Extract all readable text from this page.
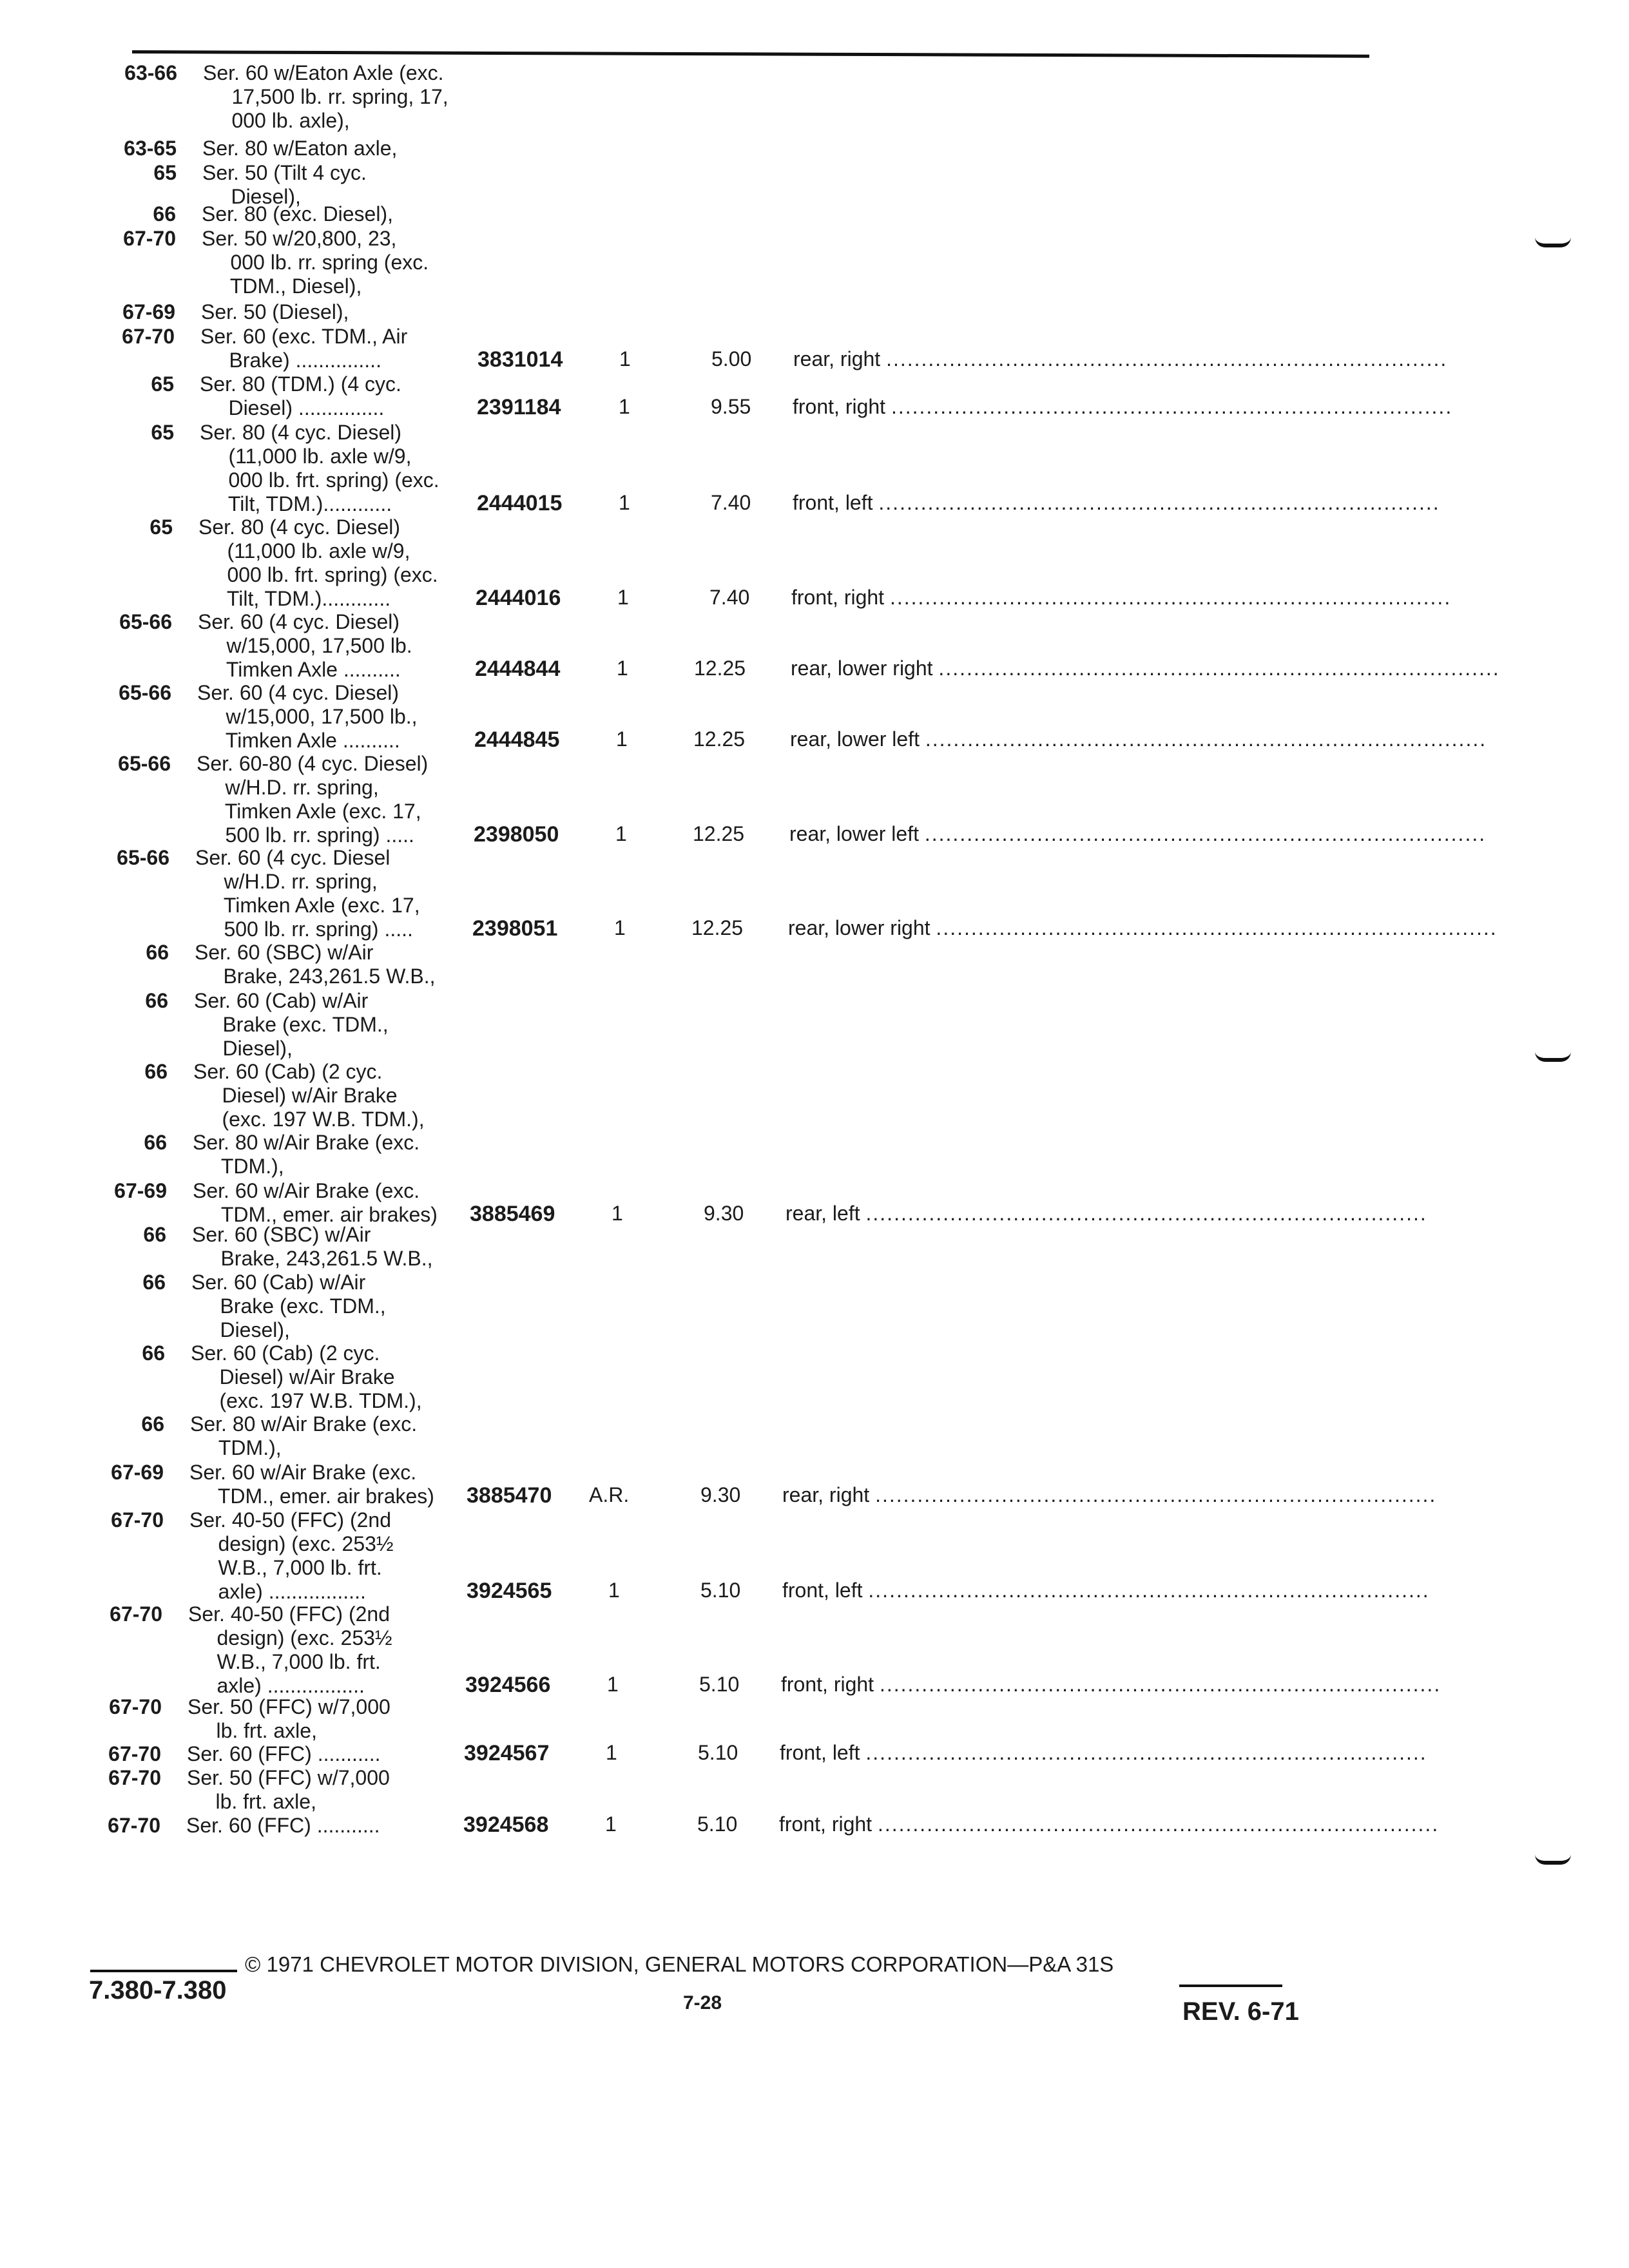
63-66 Ser. 60 w/Eaton Axle (exc.
17,500 lb. rr. spring, 17,
000 lb. axle),
63-65 Ser. 80 w/Eaton axle,
65 Ser. 50 (Tilt 4 cyc.
Diesel),
66 Ser. 80 (exc. Diesel),
67-70 Ser. 50 w/20,800, 23,
000 lb. rr. spring (exc.
TDM., Diesel),
67-69 Ser. 50 (Diesel),
67-70 Ser. 60 (exc. TDM., Air
Brake) ...............	3831014	1	5.00 rear, right ................................................................................
65 Ser. 80 (TDM.) (4 cyc.
Diesel) ...............	2391184	1	9.55 front, right ................................................................................
65 Ser. 80 (4 cyc. Diesel)
(11,000 lb. axle w/9,
000 lb. frt. spring) (exc.
Tilt, TDM.)............	2444015	1	7.40 front, left ................................................................................
65 Ser. 80 (4 cyc. Diesel)
(11,000 lb. axle w/9,
000 lb. frt. spring) (exc.
Tilt, TDM.)............	2444016	1	7.40 front, right ................................................................................
65-66 Ser. 60 (4 cyc. Diesel)
w/15,000, 17,500 lb.
Timken Axle ..........	2444844	1	12.25 rear, lower right ................................................................................
65-66 Ser. 60 (4 cyc. Diesel)
w/15,000, 17,500 lb.,
Timken Axle ..........	2444845	1	12.25 rear, lower left ................................................................................
65-66 Ser. 60-80 (4 cyc. Diesel)
w/H.D. rr. spring,
Timken Axle (exc. 17,
500 lb. rr. spring) .....	2398050	1	12.25 rear, lower left ................................................................................
65-66 Ser. 60 (4 cyc. Diesel
w/H.D. rr. spring,
Timken Axle (exc. 17,
500 lb. rr. spring) .....	2398051	1	12.25 rear, lower right ................................................................................
66 Ser. 60 (SBC) w/Air
Brake, 243,261.5 W.B.,
66 Ser. 60 (Cab) w/Air
Brake (exc. TDM.,
Diesel),
66 Ser. 60 (Cab) (2 cyc.
Diesel) w/Air Brake
(exc. 197 W.B. TDM.),
66 Ser. 80 w/Air Brake (exc.
TDM.),
67-69 Ser. 60 w/Air Brake (exc.
TDM., emer. air brakes) 3885469	1	9.30 rear, left ................................................................................
66 Ser. 60 (SBC) w/Air
Brake, 243,261.5 W.B.,
66 Ser. 60 (Cab) w/Air
Brake (exc. TDM.,
Diesel),
66 Ser. 60 (Cab) (2 cyc.
Diesel) w/Air Brake
(exc. 197 W.B. TDM.),
66 Ser. 80 w/Air Brake (exc.
TDM.),
67-69 Ser. 60 w/Air Brake (exc.
TDM., emer. air brakes) 3885470 A.R.	9.30 rear, right ................................................................................
67-70 Ser. 40-50 (FFC) (2nd
design) (exc. 253½
W.B., 7,000 lb. frt.
axle) .................	3924565	1	5.10 front, left ................................................................................
67-70 Ser. 40-50 (FFC) (2nd
design) (exc. 253½
W.B., 7,000 lb. frt.
axle) .................	3924566	1	5.10 front, right ................................................................................
67-70 Ser. 50 (FFC) w/7,000
lb. frt. axle,
67-70 Ser. 60 (FFC) ...........	3924567	1	5.10 front, left ................................................................................
67-70 Ser. 50 (FFC) w/7,000
lb. frt. axle,
67-70 Ser. 60 (FFC) ...........	3924568	1	5.10 front, right ................................................................................
© 1971 CHEVROLET MOTOR DIVISION, GENERAL MOTORS CORPORATION—P&A 31S
7.380-7.380	7-28	REV. 6-71
